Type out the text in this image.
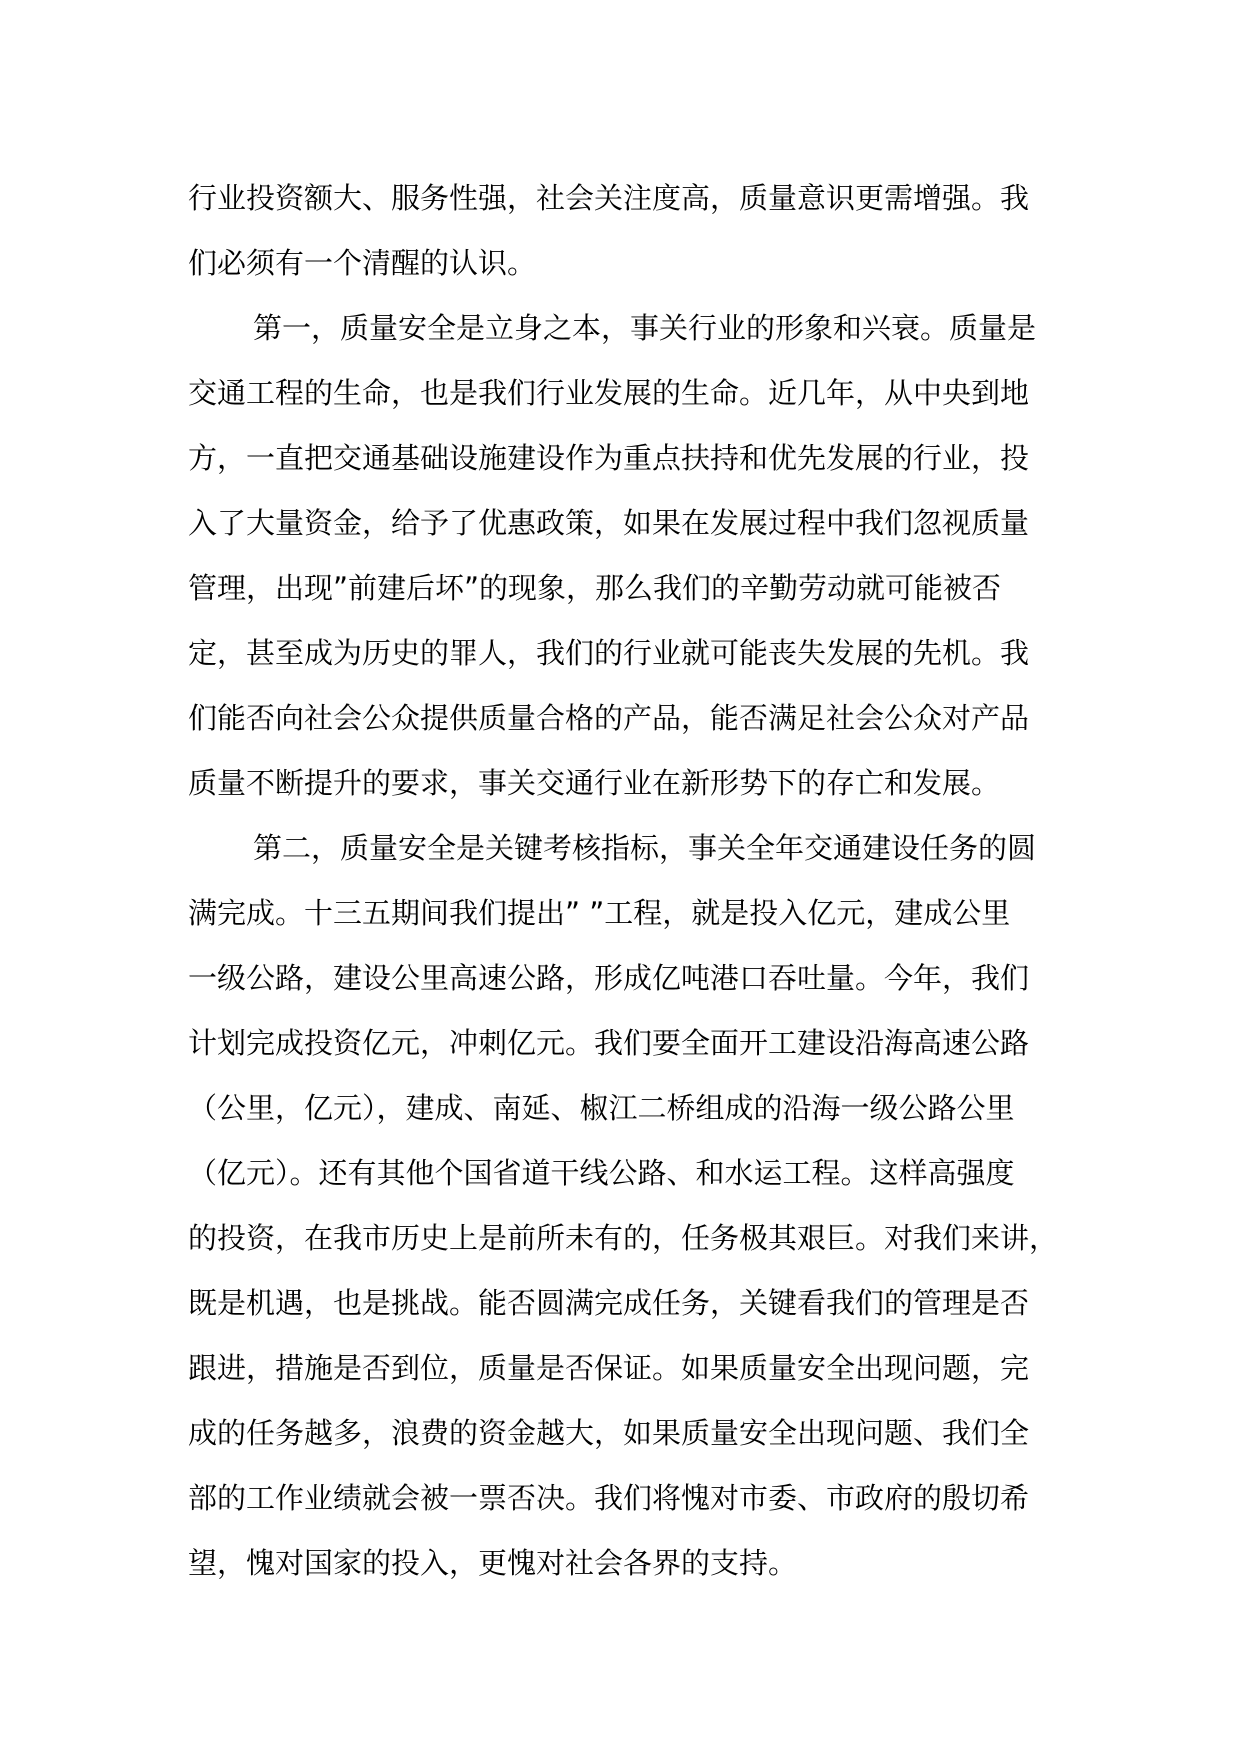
行业投资额大、服务性强，社会关注度高，质量意识更需增强。我
们必须有一个清醒的认识。
第一，质量安全是立身之本，事关行业的形象和兴衰。质量是
交通工程的生命，也是我们行业发展的生命。近几年，从中央到地
方，一直把交通基础设施建设作为重点扶持和优先发展的行业，投
入了大量资金，给予了优惠政策，如果在发展过程中我们忽视质量
管理，出现”前建后坏”的现象，那么我们的辛勤劳动就可能被否
定，甚至成为历史的罪人，我们的行业就可能丧失发展的先机。我
们能否向社会公众提供质量合格的产品，能否满足社会公众对产品
质量不断提升的要求，事关交通行业在新形势下的存亡和发展。
第二，质量安全是关键考核指标，事关全年交通建设任务的圆
满完成。十三五期间我们提出” ”工程，就是投入亿元，建成公里
一级公路，建设公里高速公路，形成亿吨港口吞吐量。今年，我们
计划完成投资亿元，冲刺亿元。我们要全面开工建设沿海高速公路
（公里，亿元），建成、南延、椒江二桥组成的沿海一级公路公里
（亿元）。还有其他个国省道干线公路、和水运工程。这样高强度
的投资，在我市历史上是前所未有的，任务极其艰巨。对我们来讲，
既是机遇，也是挑战。能否圆满完成任务，关键看我们的管理是否
跟进，措施是否到位，质量是否保证。如果质量安全出现问题，完
成的任务越多，浪费的资金越大，如果质量安全出现问题、我们全
部的工作业绩就会被一票否决。我们将愧对市委、市政府的殷切希
望，愧对国家的投入，更愧对社会各界的支持。
